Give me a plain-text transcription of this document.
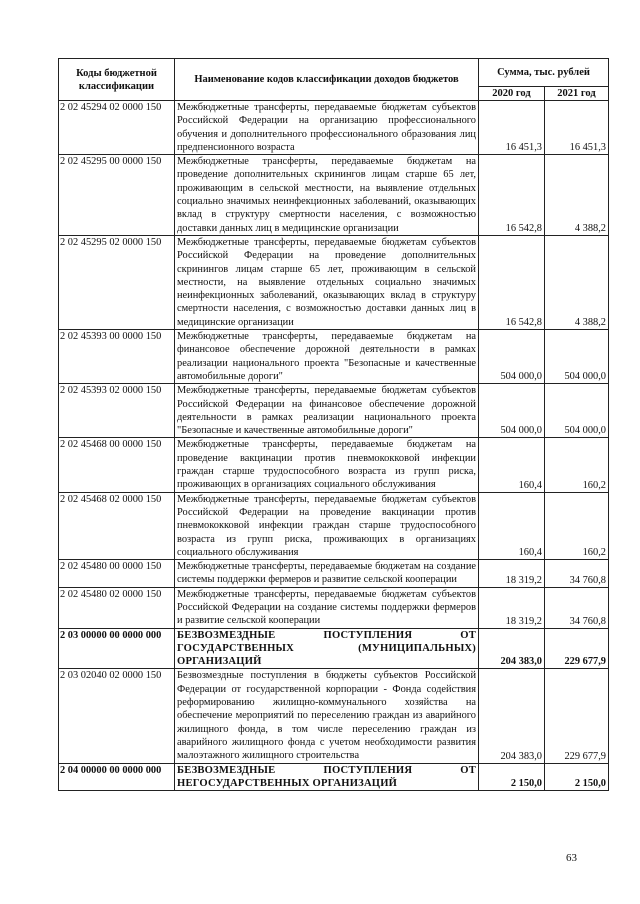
Коды бюджетной классификации	Наименование кодов классификации доходов бюджетов	Сумма, тыс. рублей	
		2020 год	2021 год
2 02 45294 02 0000 150	Межбюджетные трансферты, передаваемые бюджетам субъектов Российской Федерации на организацию профессионального обучения и дополнительного профессионального образования лиц предпенсионного возраста	16 451,3	16 451,3
2 02 45295 00 0000 150	Межбюджетные трансферты, передаваемые бюджетам на проведение дополнительных скринингов лицам старше 65 лет, проживающим в сельской местности, на выявление отдельных социально значимых неинфекционных заболеваний, оказывающих вклад в структуру смертности населения, с возможностью доставки данных лиц в медицинские организации	16 542,8	4 388,2
2 02 45295 02 0000 150	Межбюджетные трансферты, передаваемые бюджетам субъектов Российской Федерации на проведение дополнительных скринингов лицам старше 65 лет, проживающим в сельской местности, на выявление отдельных социально значимых неинфекционных заболеваний, оказывающих вклад в структуру смертности населения, с возможностью доставки данных лиц в медицинские организации	16 542,8	4 388,2
2 02 45393 00 0000 150	Межбюджетные трансферты, передаваемые бюджетам на финансовое обеспечение дорожной деятельности в рамках реализации национального проекта "Безопасные и качественные автомобильные дороги"	504 000,0	504 000,0
2 02 45393 02 0000 150	Межбюджетные трансферты, передаваемые бюджетам субъектов Российской Федерации на финансовое обеспечение дорожной деятельности в рамках реализации национального проекта "Безопасные и качественные автомобильные дороги"	504 000,0	504 000,0
2 02 45468 00 0000 150	Межбюджетные трансферты, передаваемые бюджетам на проведение вакцинации против пневмококковой инфекции граждан старше трудоспособного возраста из групп риска, проживающих в организациях социального обслуживания	160,4	160,2
2 02 45468 02 0000 150	Межбюджетные трансферты, передаваемые бюджетам субъектов Российской Федерации на проведение вакцинации против пневмококковой инфекции граждан старше трудоспособного возраста из групп риска, проживающих в организациях социального обслуживания	160,4	160,2
2 02 45480 00 0000 150	Межбюджетные трансферты, передаваемые бюджетам на создание системы поддержки фермеров и развитие сельской кооперации	18 319,2	34 760,8
2 02 45480 02 0000 150	Межбюджетные трансферты, передаваемые бюджетам субъектов Российской Федерации на создание системы поддержки фермеров и развитие сельской кооперации	18 319,2	34 760,8
2 03 00000 00 0000 000	БЕЗВОЗМЕЗДНЫЕ ПОСТУПЛЕНИЯ ОТ ГОСУДАРСТВЕННЫХ (МУНИЦИПАЛЬНЫХ) ОРГАНИЗАЦИЙ	204 383,0	229 677,9
2 03 02040 02 0000 150	Безвозмездные поступления в бюджеты субъектов Российской Федерации от государственной корпорации - Фонда содействия реформированию жилищно-коммунального хозяйства на обеспечение мероприятий по переселению граждан из аварийного жилищного фонда, в том числе переселению граждан из аварийного жилищного фонда с учетом необходимости развития малоэтажного жилищного строительства	204 383,0	229 677,9
2 04 00000 00 0000 000	БЕЗВОЗМЕЗДНЫЕ ПОСТУПЛЕНИЯ ОТ НЕГОСУДАРСТВЕННЫХ ОРГАНИЗАЦИЙ	2 150,0	2 150,0
63
